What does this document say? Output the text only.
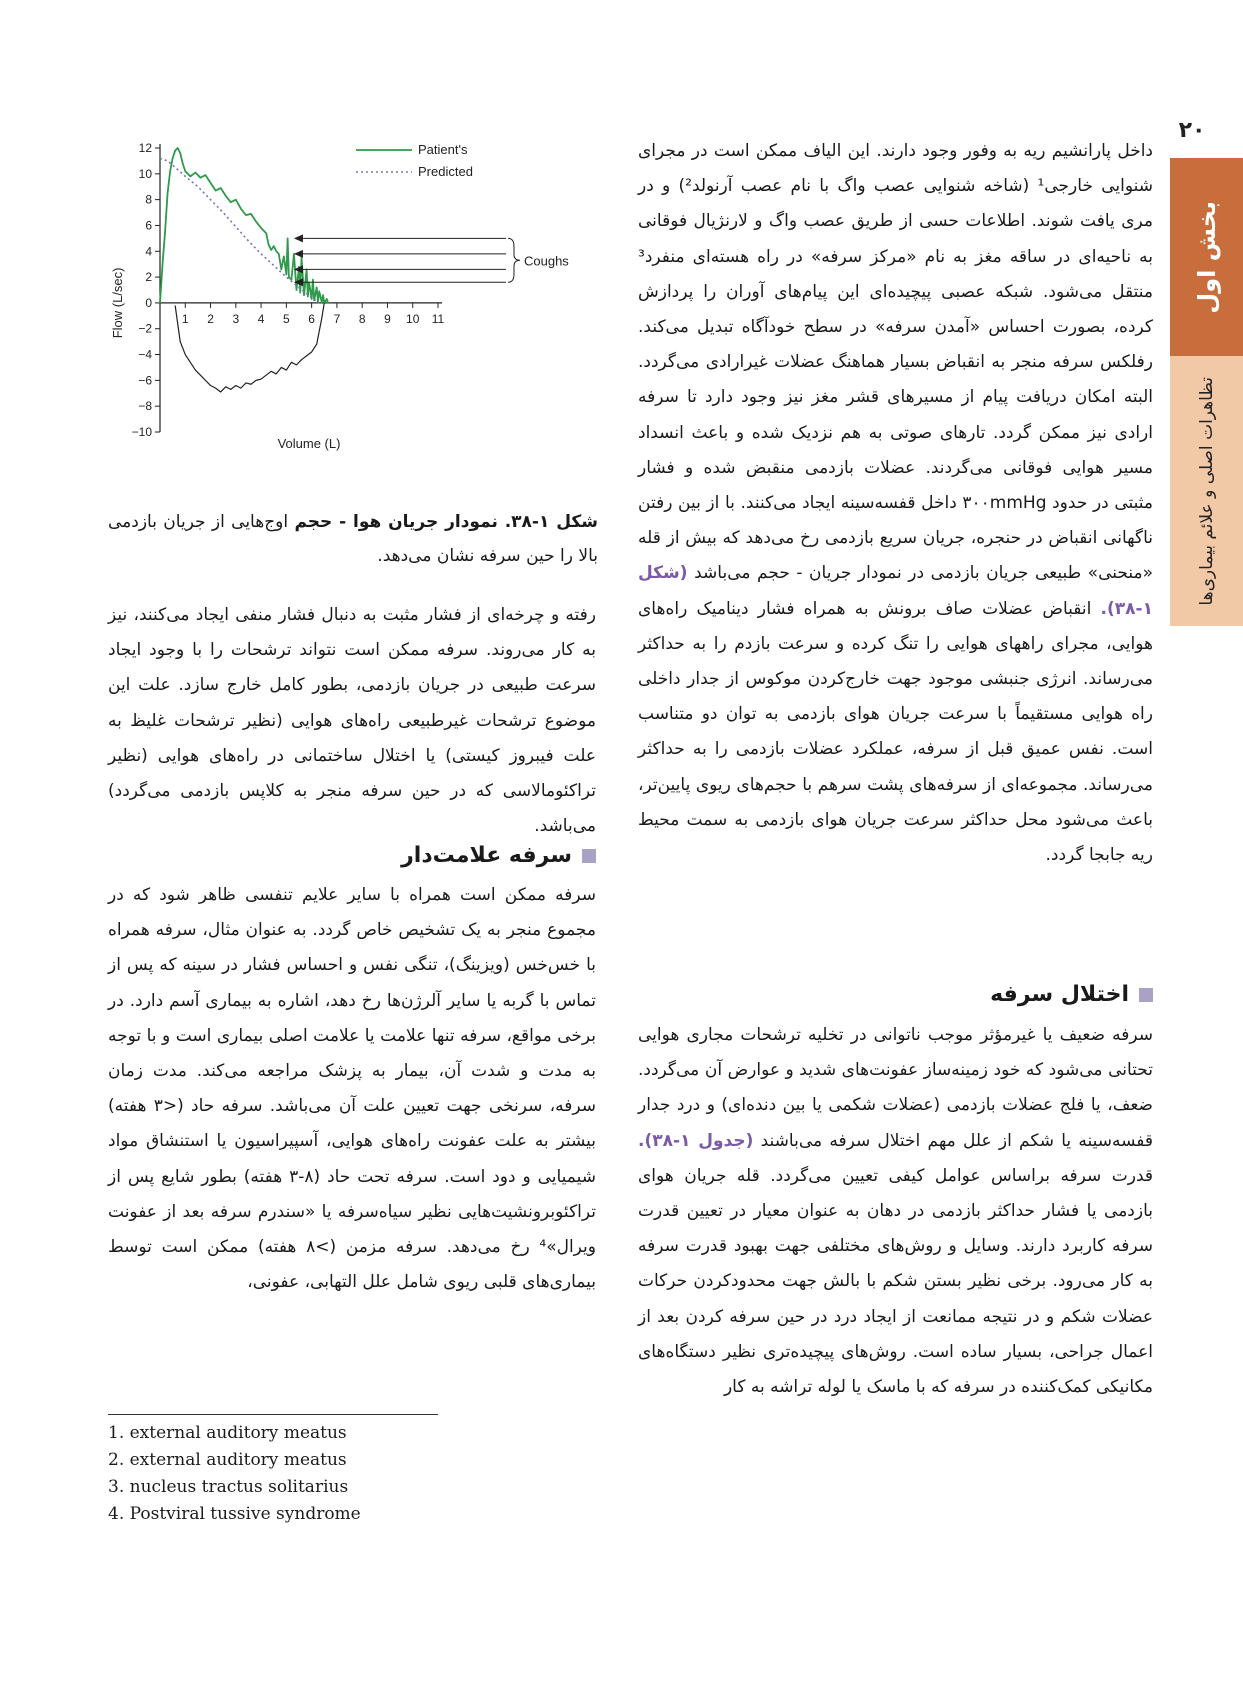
۲۰
بخش اول
تظاهرات اصلی و علائم بیماری‌ها

داخل پارانشیم ریه به وفور وجود دارند. این الیاف ممکن است در مجرای شنوایی خارجی¹ (شاخه شنوایی عصب واگ با نام عصب آرنولد²) و در مری یافت شوند. اطلاعات حسی از طریق عصب واگ و لارنژیال فوقانی به ناحیه‌ای در ساقه مغز به نام «مرکز سرفه» در راه هسته‌ای منفرد³ منتقل می‌شود. شبکه عصبی پیچیده‌ای این پیام‌های آوران را پردازش کرده، بصورت احساس «آمدن سرفه» در سطح خودآگاه تبدیل می‌کند. رفلکس سرفه منجر به انقباض بسیار هماهنگ عضلات غیرارادی می‌گردد. البته امکان دریافت پیام از مسیرهای قشر مغز نیز وجود دارد تا سرفه ارادی نیز ممکن گردد. تارهای صوتی به هم نزدیک شده و باعث انسداد مسیر هوایی فوقانی می‌گردند. عضلات بازدمی منقبض شده و فشار مثبتی در حدود ۳۰۰mmHg داخل قفسه‌سینه ایجاد می‌کنند. با از بین رفتن ناگهانی انقباض در حنجره، جریان سریع بازدمی رخ می‌دهد که بیش از قله «منحنی» طبیعی جریان بازدمی در نمودار جریان - حجم می‌باشد (شکل ۱-۳۸). انقباض عضلات صاف برونش به همراه فشار دینامیک راه‌های هوایی، مجرای راههای هوایی را تنگ کرده و سرعت بازدم را به حداکثر می‌رساند. انرژی جنبشی موجود جهت خارج‌کردن موکوس از جدار داخلی راه هوایی مستقیماً با سرعت جریان هوای بازدمی به توان دو متناسب است. نفس عمیق قبل از سرفه، عملکرد عضلات بازدمی را به حداکثر می‌رساند. مجموعه‌ای از سرفه‌های پشت سرهم با حجم‌های ریوی پایین‌تر، باعث می‌شود محل حداکثر سرعت جریان هوای بازدمی به سمت محیط ریه جابجا گردد.

اختلال سرفه

سرفه ضعیف یا غیرمؤثر موجب ناتوانی در تخلیه ترشحات مجاری هوایی تحتانی می‌شود که خود زمینه‌ساز عفونت‌های شدید و عوارض آن می‌گردد. ضعف، یا فلج عضلات بازدمی (عضلات شکمی یا بین دنده‌ای) و درد جدار قفسه‌سینه یا شکم از علل مهم اختلال سرفه می‌باشند (جدول ۱-۳۸). قدرت سرفه براساس عوامل کیفی تعیین می‌گردد. قله جریان هوای بازدمی یا فشار حداکثر بازدمی در دهان به عنوان معیار در تعیین قدرت سرفه کاربرد دارند. وسایل و روش‌های مختلفی جهت بهبود قدرت سرفه به کار می‌رود. برخی نظیر بستن شکم با بالش جهت محدودکردن حرکات عضلات شکم و در نتیجه ممانعت از ایجاد درد در حین سرفه کردن بعد از اعمال جراحی، بسیار ساده است. روش‌های پیچیده‌تری نظیر دستگاه‌های مکانیکی کمک‌کننده در سرفه که با ماسک یا لوله تراشه به کار

12
10
8
6
4
2
0
−2
−4
−6
−8
−10
1 2 3 4 5 6 7 8 9 10 11
Volume (L)
Flow (L/sec)
Coughs
Patient's
Predicted
شکل ۱-۳۸. نمودار جریان هوا - حجم اوج‌هایی از جریان بازدمی بالا را حین سرفه نشان می‌دهد.

رفته و چرخه‌ای از فشار مثبت به دنبال فشار منفی ایجاد می‌کنند، نیز به کار می‌روند. سرفه ممکن است نتواند ترشحات را با وجود ایجاد سرعت طبیعی در جریان بازدمی، بطور کامل خارج سازد. علت این موضوع ترشحات غیرطبیعی راه‌های هوایی (نظیر ترشحات غلیظ به علت فیبروز کیستی) یا اختلال ساختمانی در راه‌های هوایی (نظیر تراکئومالاسی که در حین سرفه منجر به کلاپس بازدمی می‌گردد) می‌باشد.

سرفه علامت‌دار

سرفه ممکن است همراه با سایر علایم تنفسی ظاهر شود که در مجموع منجر به یک تشخیص خاص گردد. به عنوان مثال، سرفه همراه با خس‌خس (ویزینگ)، تنگی نفس و احساس فشار در سینه که پس از تماس با گربه یا سایر آلرژن‌ها رخ دهد، اشاره به بیماری آسم دارد. در برخی مواقع، سرفه تنها علامت یا علامت اصلی بیماری است و با توجه به مدت و شدت آن، بیمار به پزشک مراجعه می‌کند. مدت زمان سرفه، سرنخی جهت تعیین علت آن می‌باشد. سرفه حاد (<۳ هفته) بیشتر به علت عفونت راه‌های هوایی، آسپیراسیون یا استنشاق مواد شیمیایی و دود است. سرفه تحت حاد (۸-۳ هفته) بطور شایع پس از تراکئوبرونشیت‌هایی نظیر سیاه‌سرفه یا «سندرم سرفه بعد از عفونت ویرال»⁴ رخ می‌دهد. سرفه مزمن (>۸ هفته) ممکن است توسط بیماری‌های قلبی ریوی شامل علل التهابی، عفونی،

1. external auditory meatus
2. external auditory meatus
3. nucleus tractus solitarius
4. Postviral tussive syndrome
